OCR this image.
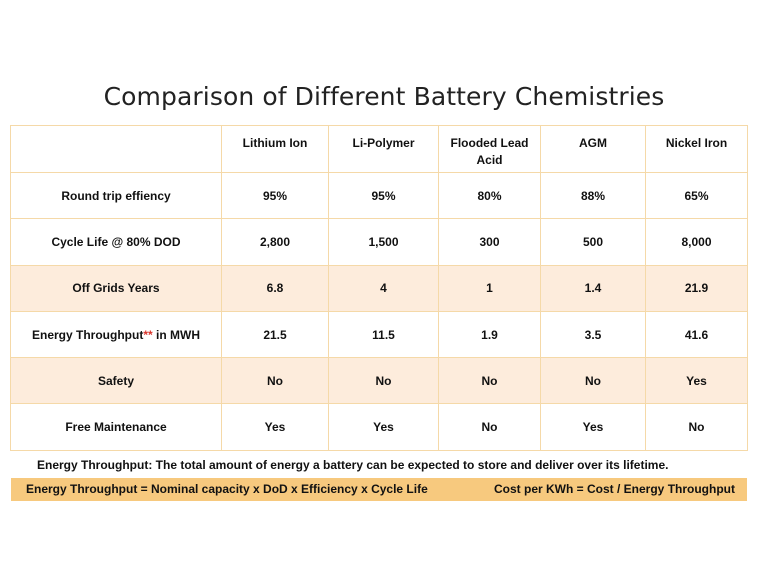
Comparison of Different Battery Chemistries
	Lithium Ion	Li-Polymer	Flooded Lead Acid	AGM	Nickel Iron
Round trip effiency	95%	95%	80%	88%	65%
Cycle Life @ 80% DOD	2,800	1,500	300	500	8,000
Off Grids Years	6.8	4	1	1.4	21.9
Energy Throughput** in MWH	21.5	11.5	1.9	3.5	41.6
Safety	No	No	No	No	Yes
Free Maintenance	Yes	Yes	No	Yes	No
Energy Throughput: The total amount of energy a battery can be expected to store and deliver over its lifetime.
Energy Throughput = Nominal capacity x DoD x Efficiency x Cycle Life	Cost per KWh = Cost / Energy Throughput
